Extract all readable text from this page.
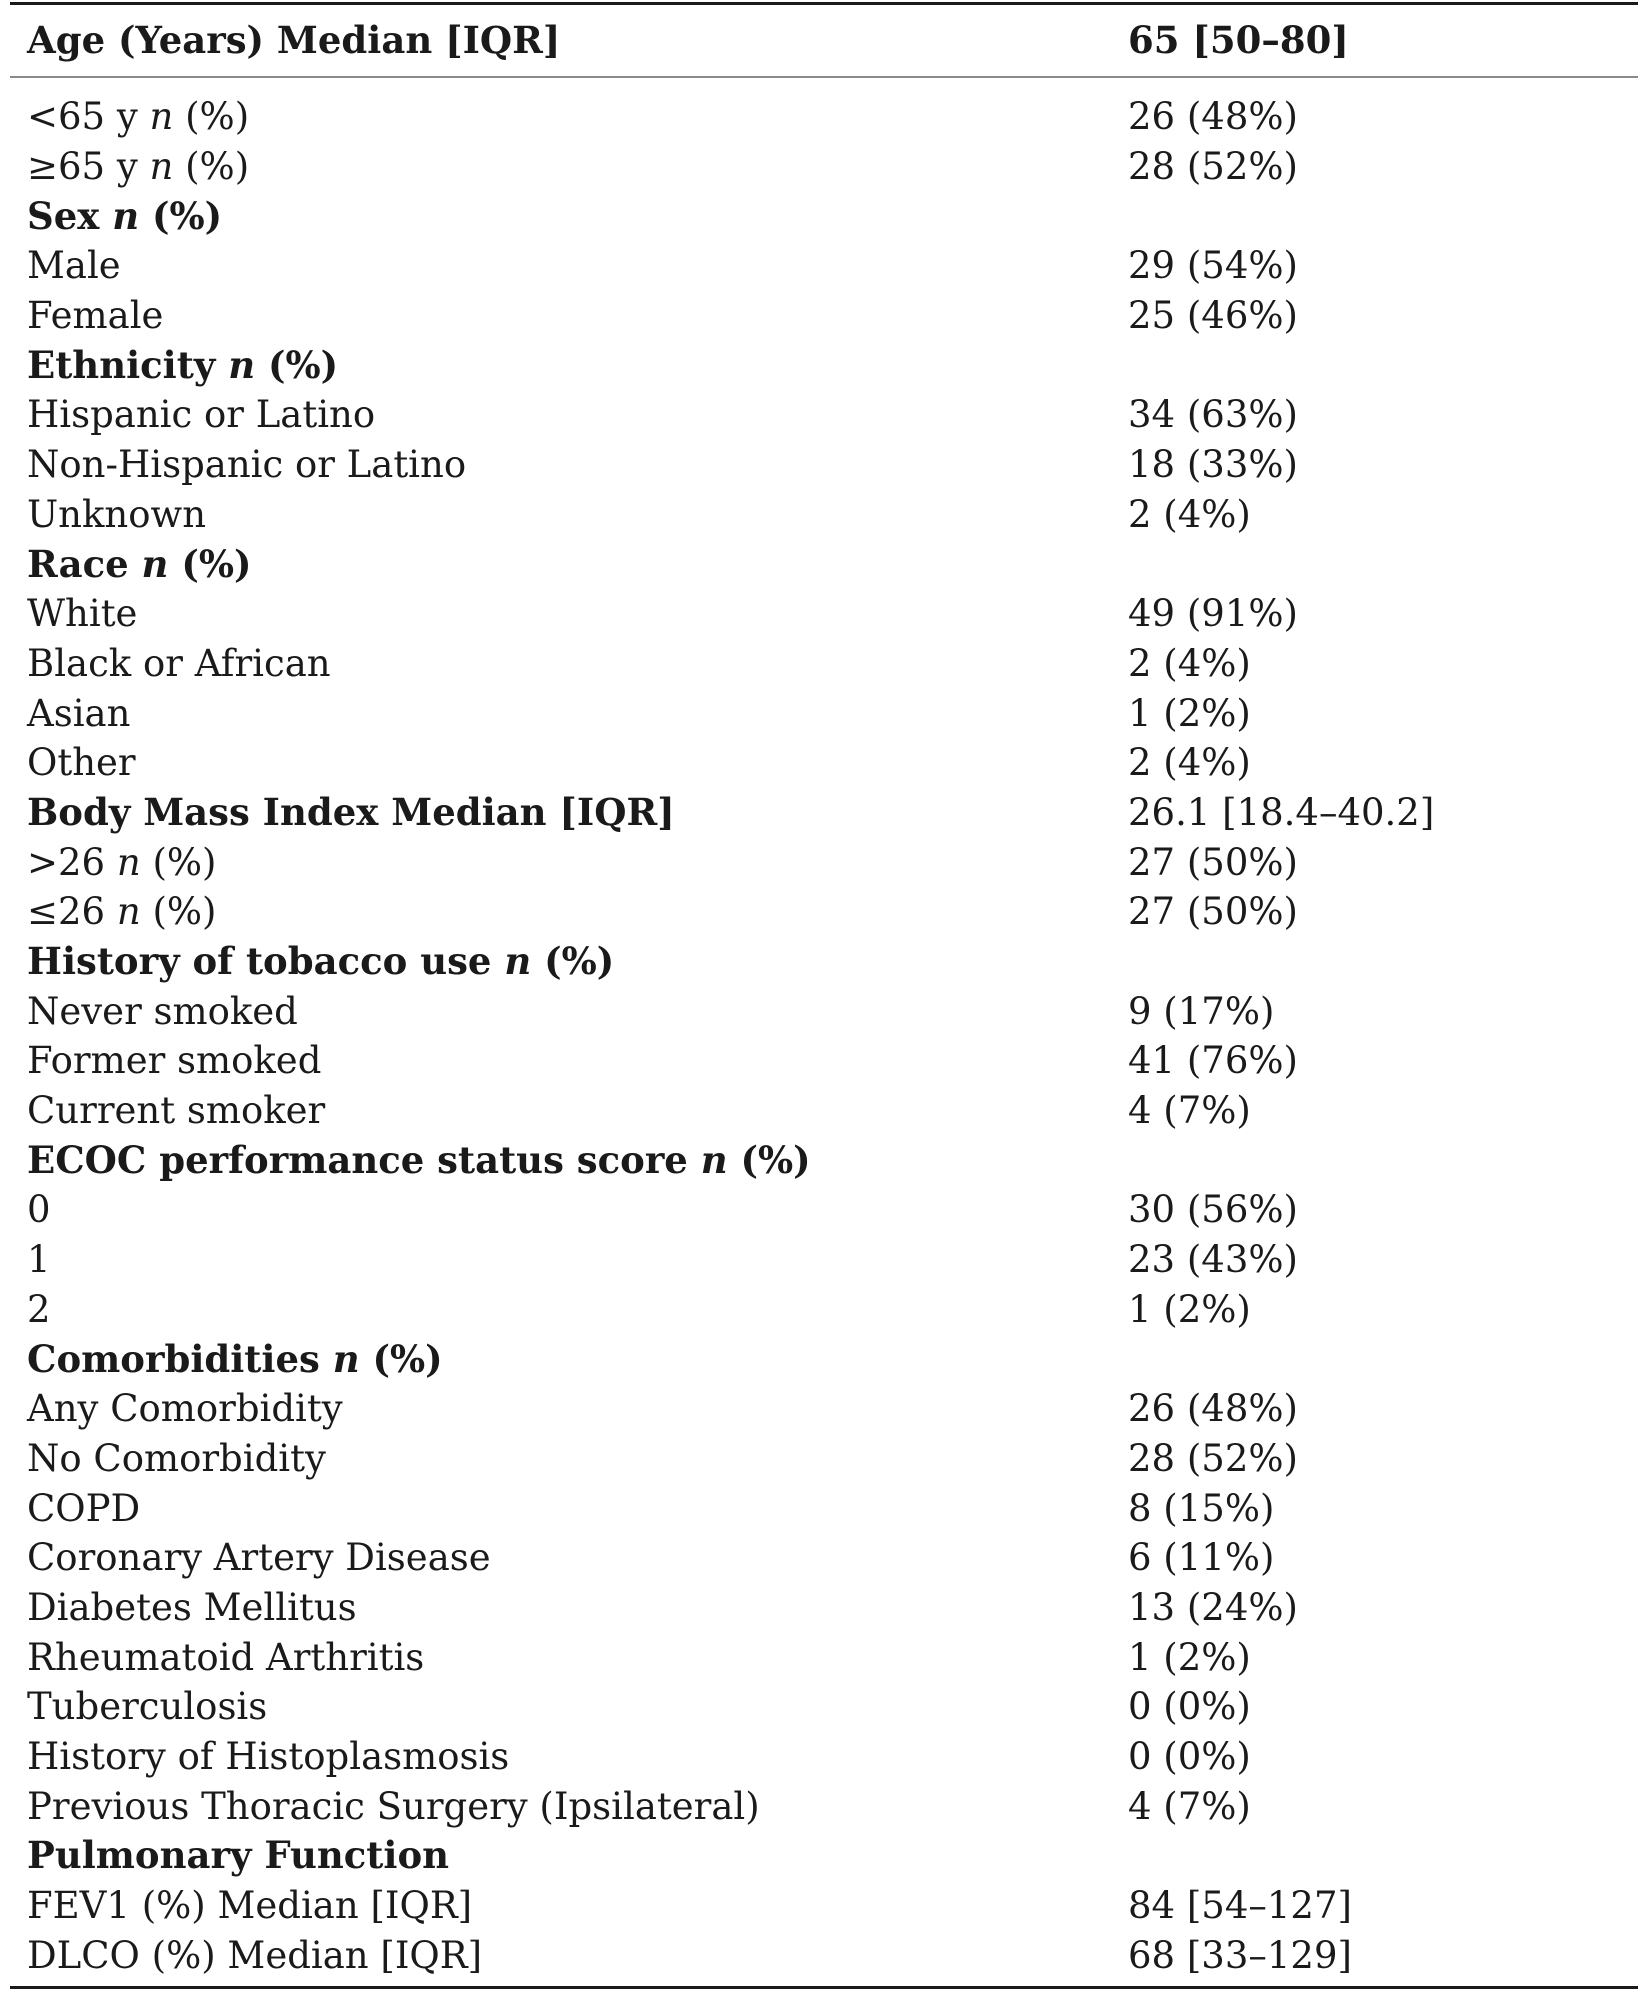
Age (Years) Median [IQR]	65 [50–80]
<65 y n (%)	26 (48%)
≥65 y n (%)	28 (52%)
Sex n (%)
Male	29 (54%)
Female	25 (46%)
Ethnicity n (%)
Hispanic or Latino	34 (63%)
Non-Hispanic or Latino	18 (33%)
Unknown	2 (4%)
Race n (%)
White	49 (91%)
Black or African	2 (4%)
Asian	1 (2%)
Other	2 (4%)
Body Mass Index Median [IQR]	26.1 [18.4–40.2]
>26 n (%)	27 (50%)
≤26 n (%)	27 (50%)
History of tobacco use n (%)
Never smoked	9 (17%)
Former smoked	41 (76%)
Current smoker	4 (7%)
ECOC performance status score n (%)
0	30 (56%)
1	23 (43%)
2	1 (2%)
Comorbidities n (%)
Any Comorbidity	26 (48%)
No Comorbidity	28 (52%)
COPD	8 (15%)
Coronary Artery Disease	6 (11%)
Diabetes Mellitus	13 (24%)
Rheumatoid Arthritis	1 (2%)
Tuberculosis	0 (0%)
History of Histoplasmosis	0 (0%)
Previous Thoracic Surgery (Ipsilateral)	4 (7%)
Pulmonary Function
FEV1 (%) Median [IQR]	84 [54–127]
DLCO (%) Median [IQR]	68 [33–129]
